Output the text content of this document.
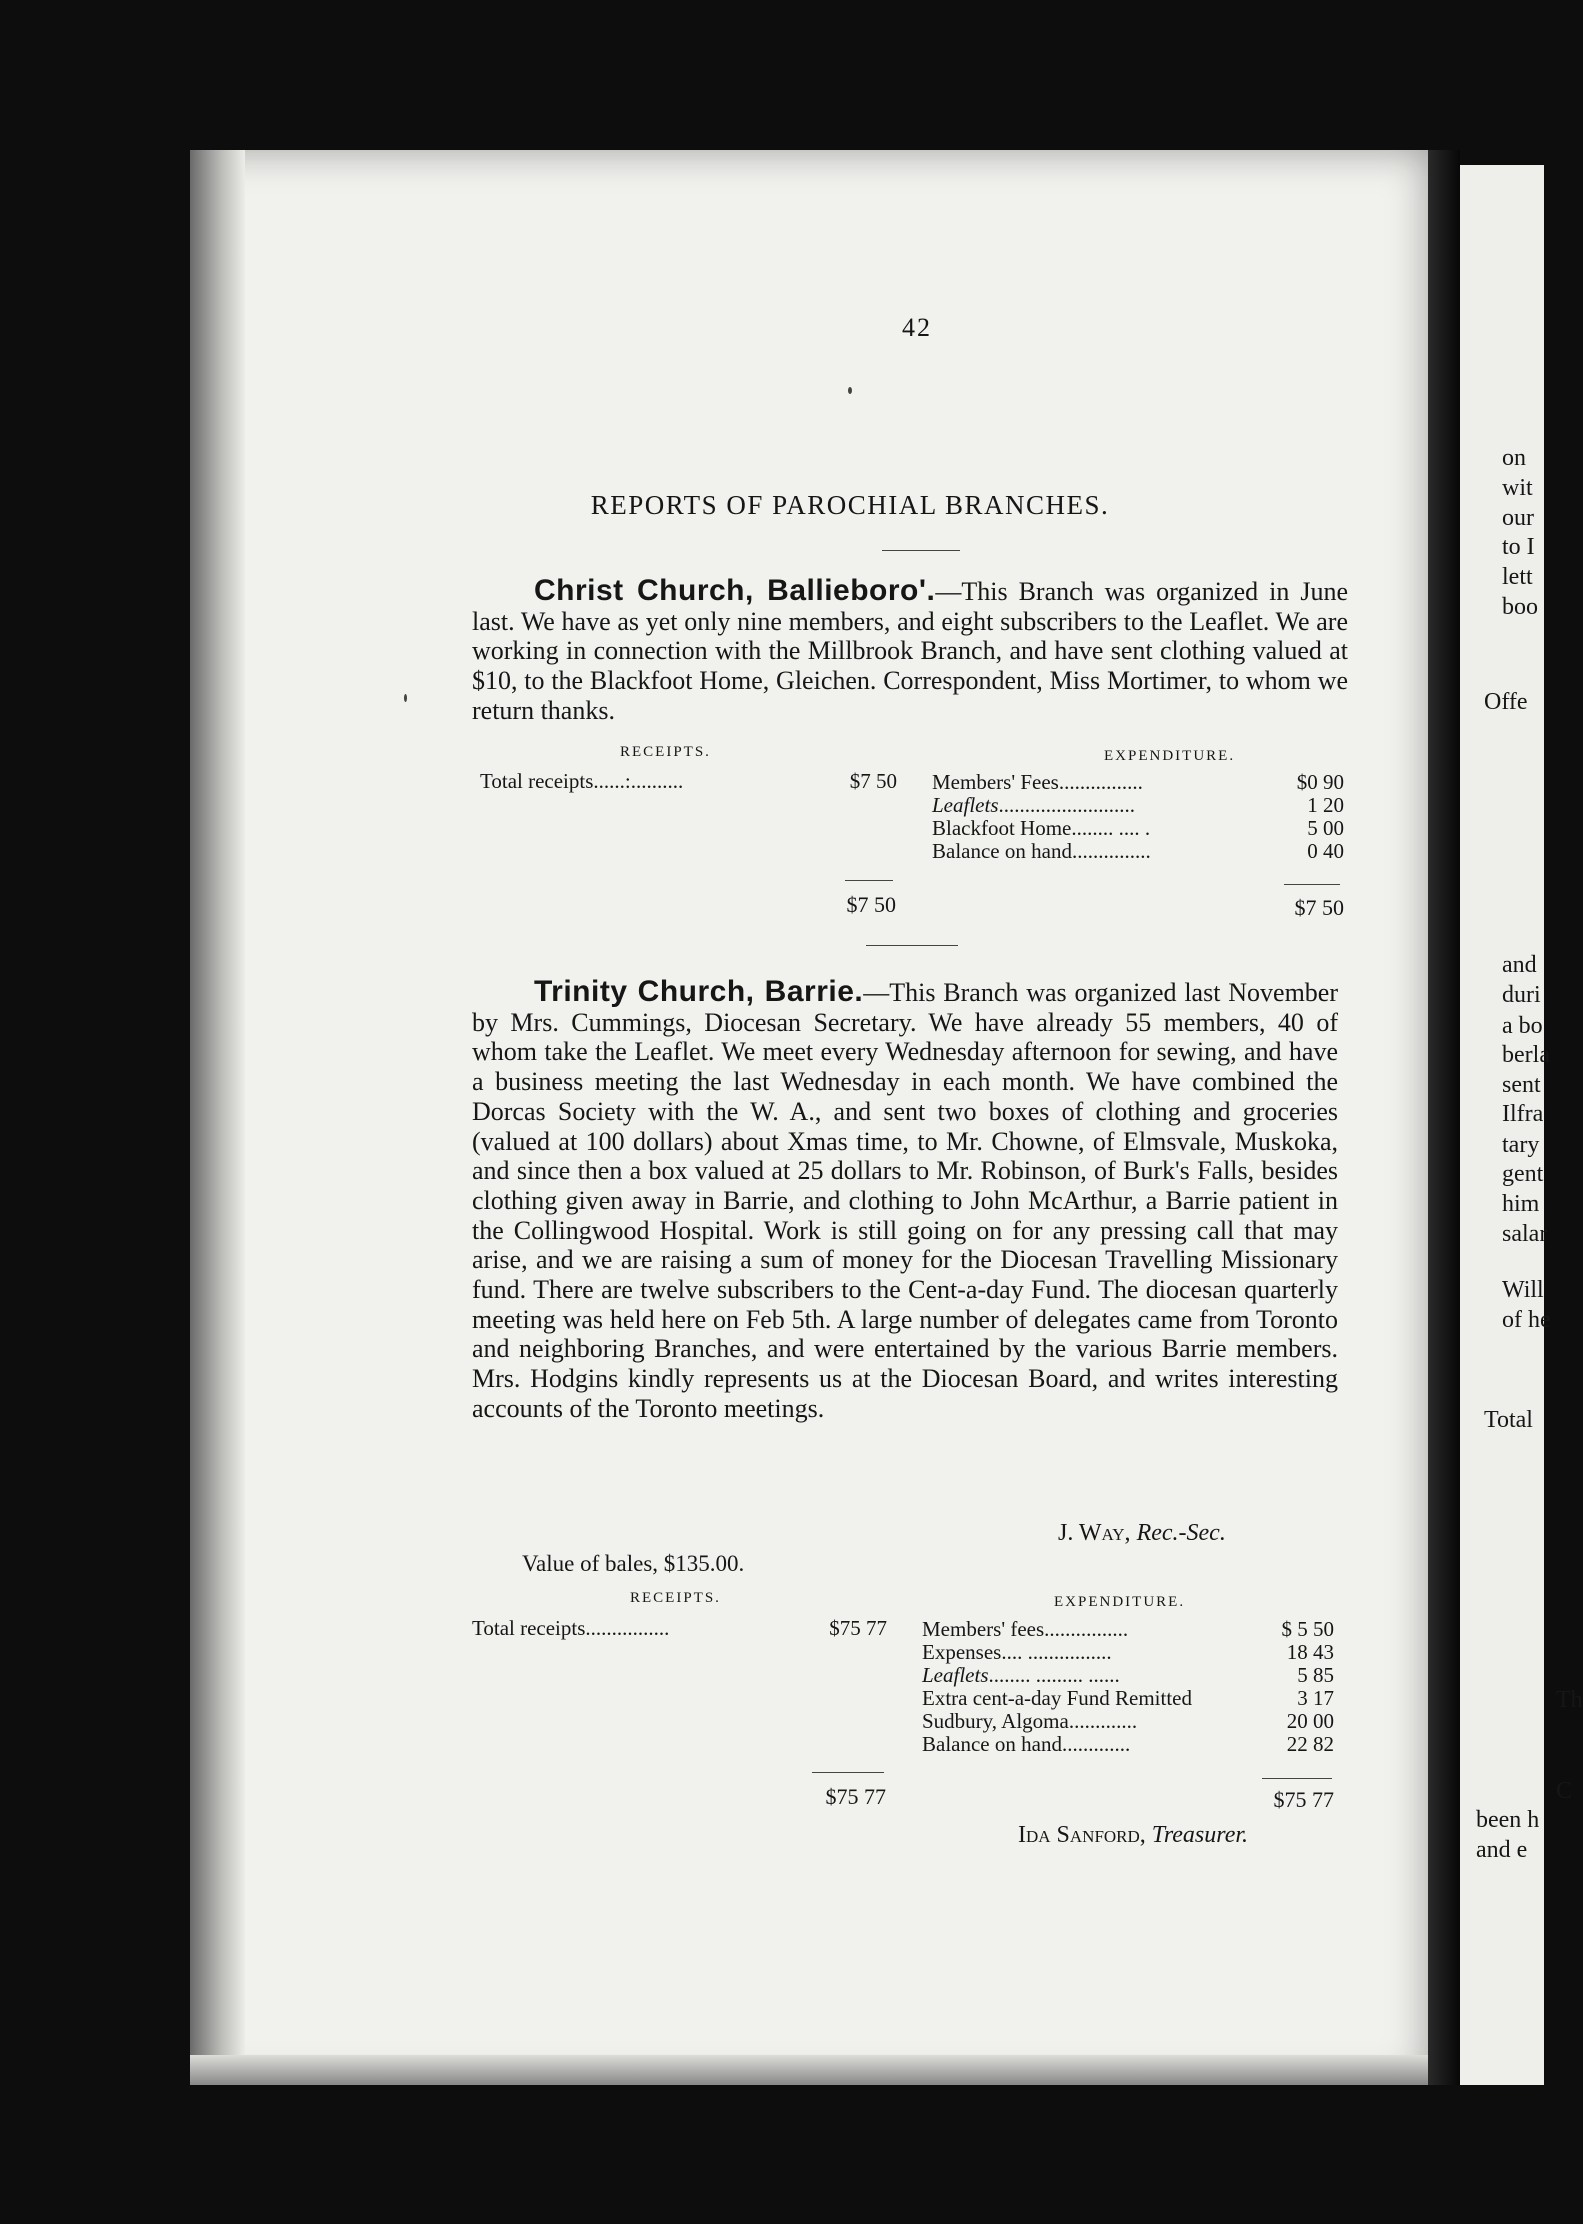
on
wit
our
to I
lett
boo
Offe
and
duri
a bo
berla
sent
Ilfra
tary
gent
him
salar
Will
of he
Total
Th
C
been h
and e
42
REPORTS OF PAROCHIAL BRANCHES.
Christ Church, Ballieboro'.—This Branch was organized in June last. We have as yet only nine members, and eight subscribers to the Leaflet. We are working in connection with the Millbrook Branch, and have sent clothing valued at $10, to the Blackfoot Home, Gleichen. Correspondent, Miss Mortimer, to whom we return thanks.
RECEIPTS.	EXPENDITURE.
Total receipts......:..........	$7 50 Members' Fees................	$0 90
Leaflets..........................	1 20
Blackfoot Home........ .... .	5 00
Balance on hand...............	0 40
$7 50	$7 50
Trinity Church, Barrie.—This Branch was organized last November by Mrs. Cummings, Diocesan Secretary. We have already 55 members, 40 of whom take the Leaflet. We meet every Wednesday afternoon for sewing, and have a business meeting the last Wednesday in each month. We have combined the Dorcas Society with the W. A., and sent two boxes of clothing and groceries (valued at 100 dollars) about Xmas time, to Mr. Chowne, of Elmsvale, Muskoka, and since then a box valued at 25 dollars to Mr. Robinson, of Burk's Falls, besides clothing given away in Barrie, and clothing to John McArthur, a Barrie patient in the Collingwood Hospital. Work is still going on for any pressing call that may arise, and we are raising a sum of money for the Diocesan Travelling Missionary fund. There are twelve subscribers to the Cent-a-day Fund. The diocesan quarterly meeting was held here on Feb 5th. A large number of delegates came from Toronto and neighboring Branches, and were entertained by the various Barrie members. Mrs. Hodgins kindly represents us at the Diocesan Board, and writes interesting accounts of the Toronto meetings.
J. Way, Rec.-Sec.
Value of bales, $135.00.
RECEIPTS.	EXPENDITURE.
Total receipts................	$75 77 Members' fees................	$ 5 50
Expenses.... ................	18 43
Leaflets........ ......... ......	5 85
Extra cent-a-day Fund Remitted	3 17
Sudbury, Algoma.............	20 00
Balance on hand.............	22 82
$75 77	$75 77
Ida Sanford, Treasurer.
